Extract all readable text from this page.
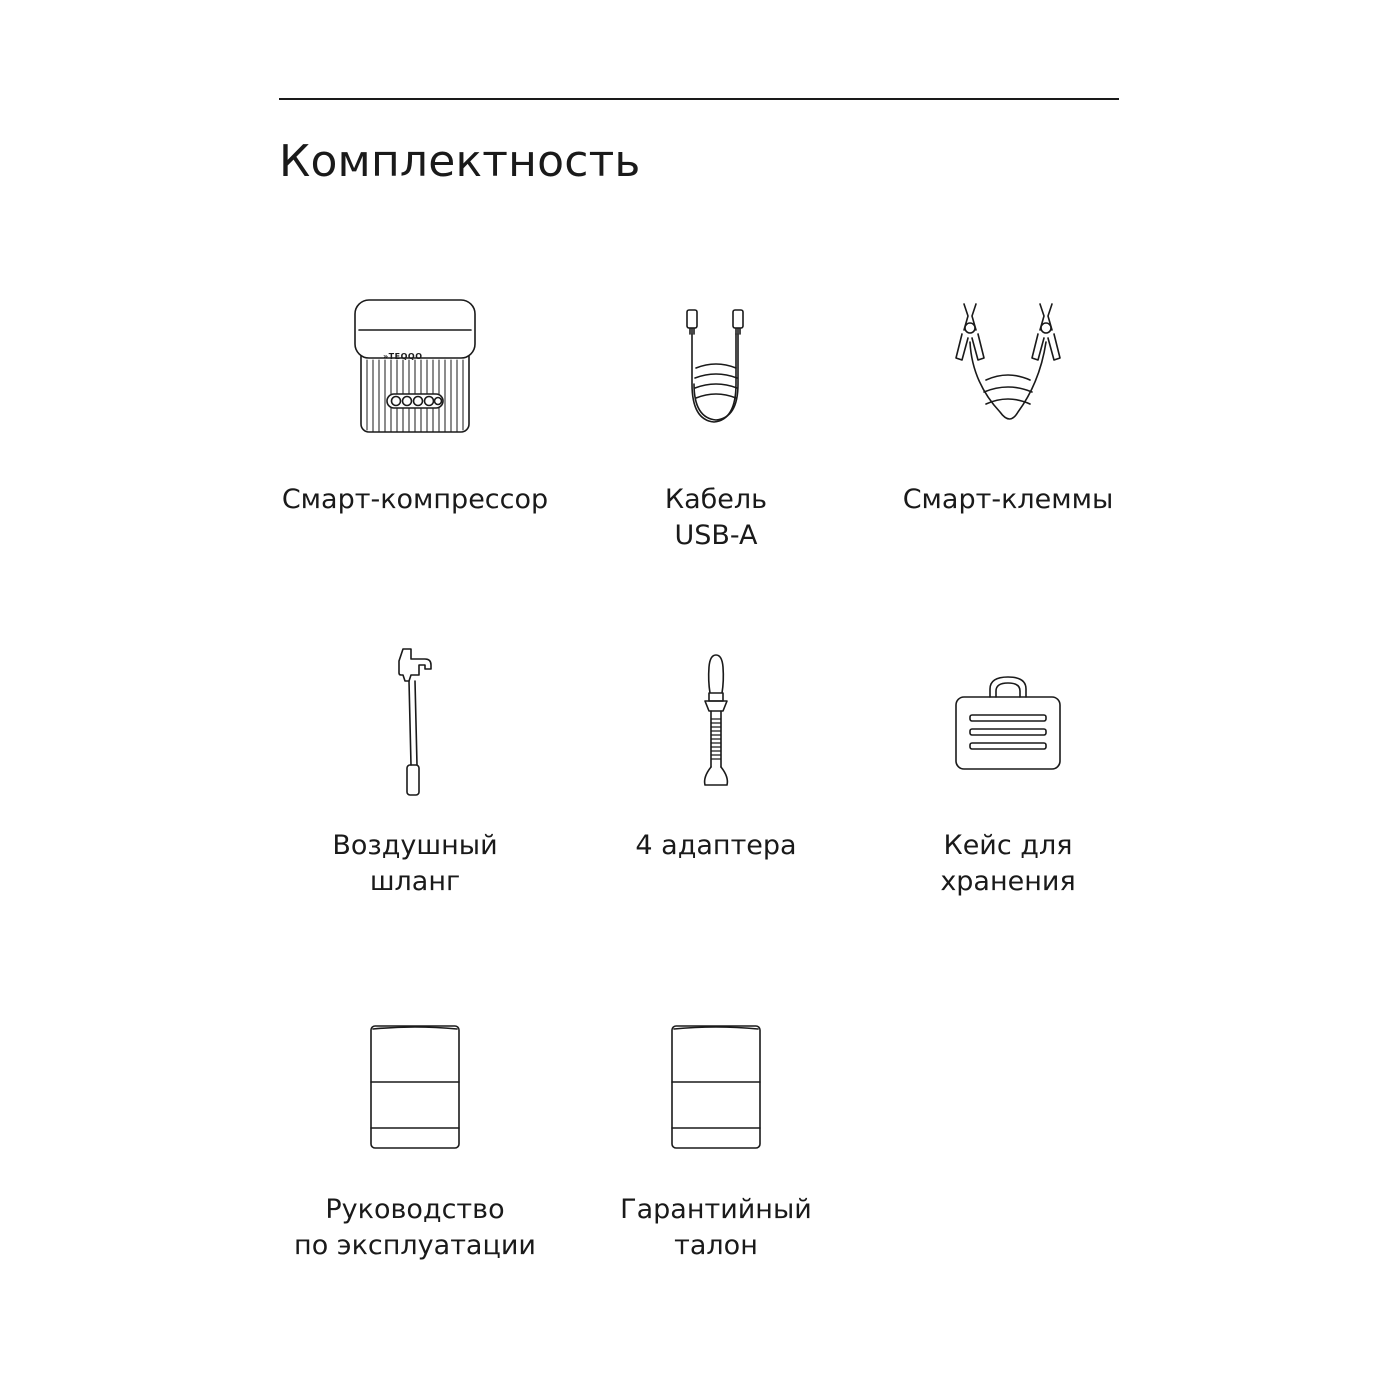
Комплектность
»TEQQO
Смарт-компрессор	Кабель
USB-A
Смарт-клеммы
Воздушный
шланг
4 адаптера	Кейс для
хранения
Руководство
по эксплуатации
Гарантийный
талон
